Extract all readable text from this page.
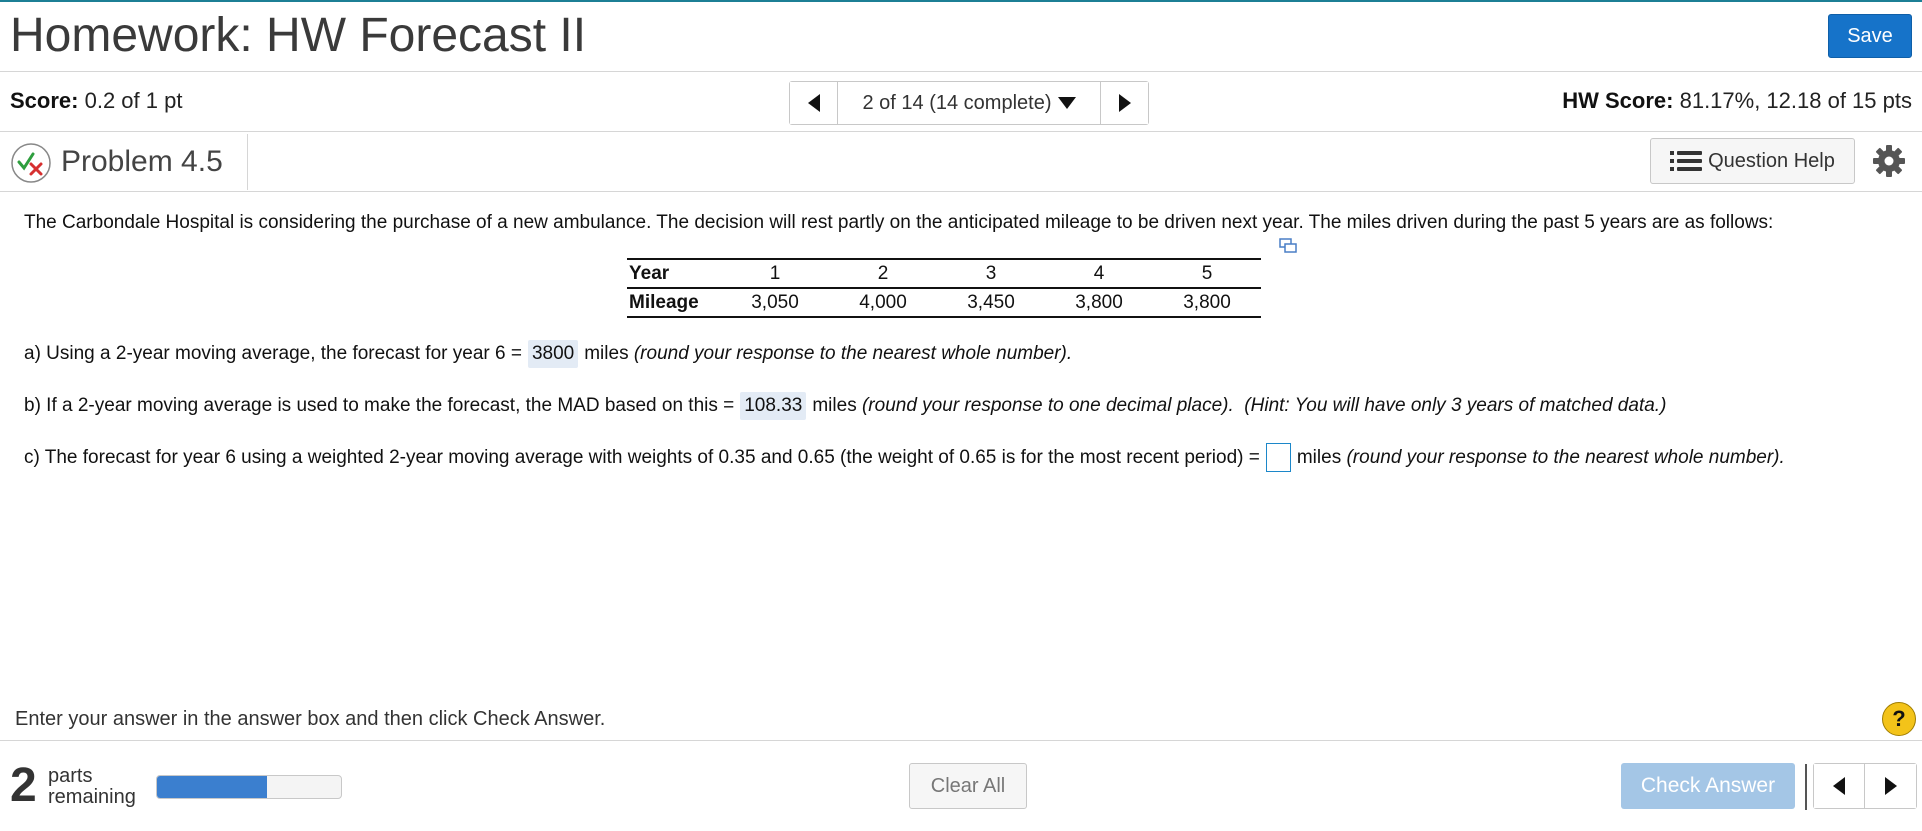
Homework: HW Forecast II	Save
Score: 0.2 of 1 pt	2 of 14 (14 complete)	HW Score: 81.17%, 12.18 of 15 pts
Problem 4.5	Question Help
The Carbondale Hospital is considering the purchase of a new ambulance. The decision will rest partly on the anticipated mileage to be driven next year. The miles driven during the past 5 years are as follows:
Year	1	2	3	4	5
Mileage	3,050	4,000	3,450	3,800	3,800
a) Using a 2-year moving average, the forecast for year 6 = 3800 miles
(round your response to the nearest whole number).
b) If a 2-year moving average is used to make the forecast, the MAD based on this = 108.33 miles
(round your response to one decimal place).  (Hint: You will have only 3 years of matched data.)
c) The forecast for year 6 using a weighted 2-year moving average with weights of 0.35 and 0.65 (the weight of 0.65 is for the most recent period) = miles
(round your response to the nearest whole number).
Enter your answer in the answer box and then click Check Answer.	?
2 parts
remaining
Clear All	Check Answer
